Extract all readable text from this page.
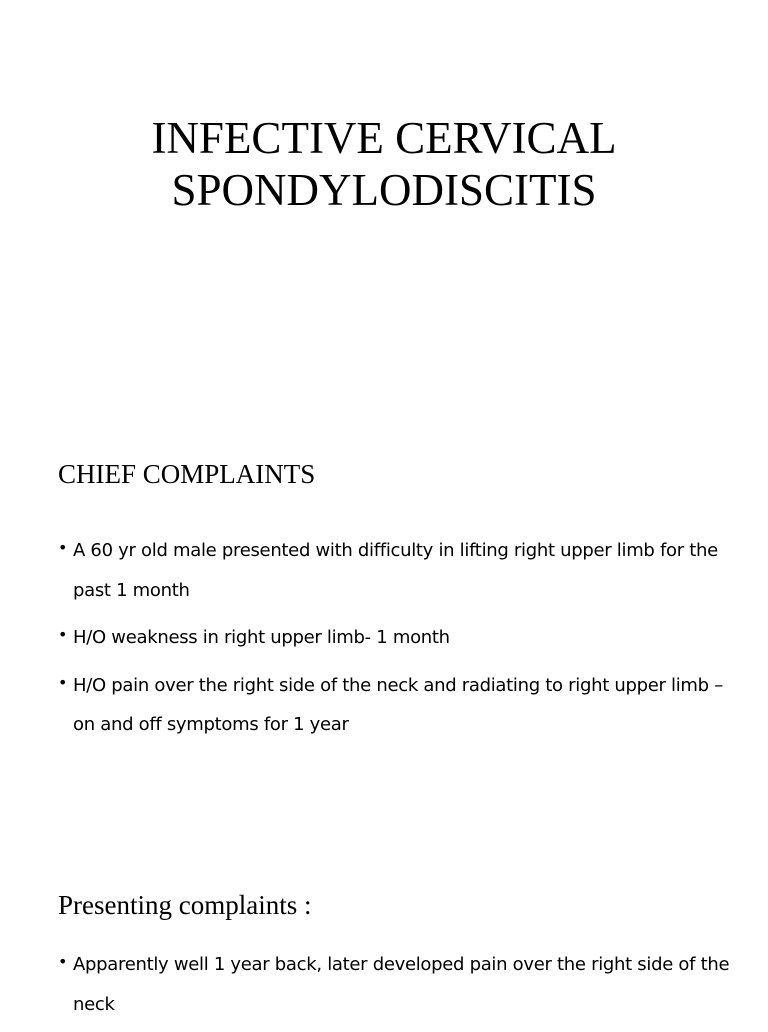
INFECTIVE CERVICAL
SPONDYLODISCITIS
CHIEF COMPLAINTS
• A 60 yr old male presented with difficulty in lifting right upper limb for the past 1 month
• H/O weakness in right upper limb- 1 month
• H/O pain over the right side of the neck and radiating to right upper limb – on and off symptoms for 1 year
Presenting complaints :
• Apparently well 1 year back, later developed pain over the right side of the neck
